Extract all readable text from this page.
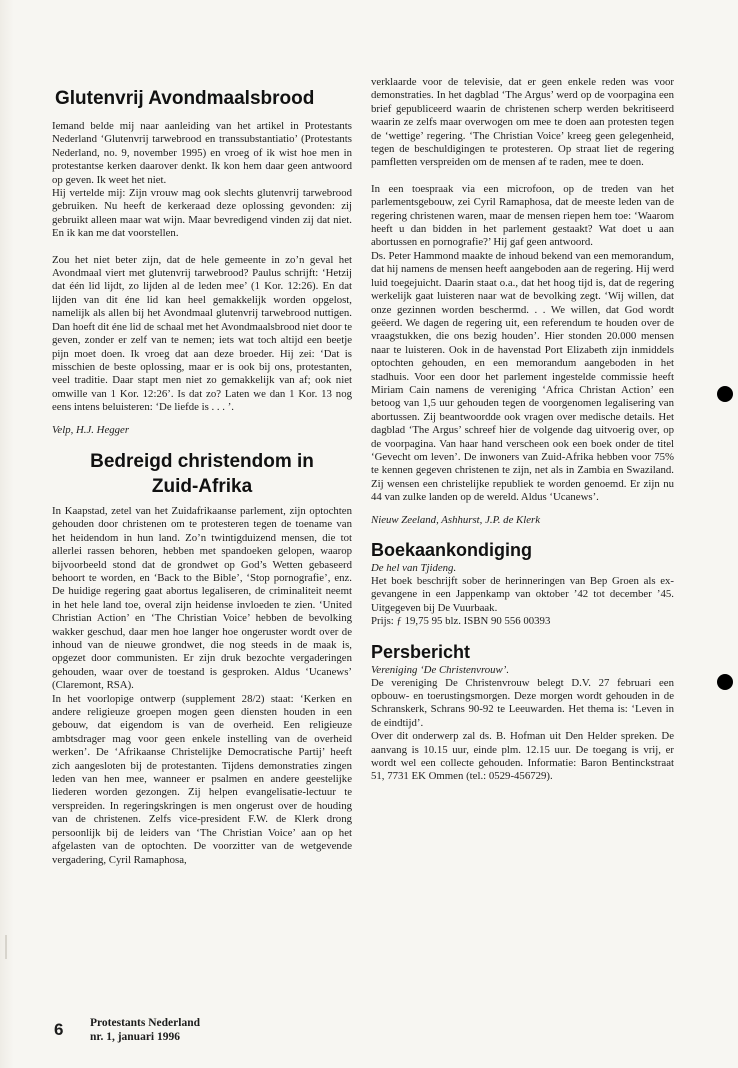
Glutenvrij Avondmaalsbrood

Iemand belde mij naar aanleiding van het artikel in Protestants Nederland ‘Glutenvrij tarwebrood en transsubstantiatio’ (Protestants Nederland, no. 9, november 1995) en vroeg of ik wist hoe men in protestantse kerken daarover denkt. Ik kon hem daar geen antwoord op geven. Ik weet het niet.

Hij vertelde mij: Zijn vrouw mag ook slechts glutenvrij tarwebrood gebruiken. Nu heeft de kerkeraad deze oplossing gevonden: zij gebruikt alleen maar wat wijn. Maar bevredigend vinden zij dat niet. En ik kan me dat voorstellen.

Zou het niet beter zijn, dat de hele gemeente in zo’n geval het Avondmaal viert met glutenvrij tarwebrood? Paulus schrijft: ‘Hetzij dat één lid lijdt, zo lijden al de leden mee’ (1 Kor. 12:26). En dat lijden van dit éne lid kan heel gemakkelijk worden opgelost, namelijk als allen bij het Avondmaal glutenvrij tarwebrood nuttigen. Dan hoeft dit éne lid de schaal met het Avondmaalsbrood niet door te geven, zonder er zelf van te nemen; iets wat toch altijd een beetje pijn moet doen. Ik vroeg dat aan deze broeder. Hij zei: ‘Dat is misschien de beste oplossing, maar er is ook bij ons, protestanten, veel traditie. Daar stapt men niet zo gemakkelijk van af; ook niet omwille van 1 Kor. 12:26’. Is dat zo? Laten we dan 1 Kor. 13 nog eens intens beluisteren: ‘De liefde is . . . ’.

Velp, H.J. Hegger
Bedreigd christendom in
Zuid-Afrika

In Kaapstad, zetel van het Zuidafrikaanse parlement, zijn optochten gehouden door christenen om te protesteren tegen de toename van het heidendom in hun land. Zo’n twintigduizend mensen, die tot allerlei rassen behoren, hebben met spandoeken gelopen, waarop bijvoorbeeld stond dat de grondwet op God’s Wetten gebaseerd behoort te worden, en ‘Back to the Bible’, ‘Stop pornografie’, enz. De huidige regering gaat abortus legaliseren, de criminaliteit neemt in het hele land toe, overal zijn heidense invloeden te zien. ‘United Christian Action’ en ‘The Christian Voice’ hebben de bevolking wakker geschud, daar men hoe langer hoe ongeruster wordt over de inhoud van de nieuwe grondwet, die nog steeds in de maak is, opgezet door communisten. Er zijn druk bezochte vergaderingen gehouden, waar over de toestand is gesproken. Aldus ‘Ucanews’ (Claremont, RSA).

In het voorlopige ontwerp (supplement 28/2) staat: ‘Kerken en andere religieuze groepen mogen geen diensten houden in een gebouw, dat eigendom is van de overheid. Een religieuze ambtsdrager mag voor geen enkele instelling van de overheid werken’. De ‘Afrikaanse Christelijke Democratische Partij’ heeft zich aangesloten bij de protestanten. Tijdens demonstraties zingen leden van hen mee, wanneer er psalmen en andere geestelijke liederen worden gezongen. Zij helpen evangelisatie-lectuur te verspreiden. In regeringskringen is men ongerust over de houding van de christenen. Zelfs vice-president F.W. de Klerk drong persoonlijk bij de leiders van ‘The Christian Voice’ aan op het afgelasten van de optochten. De voorzitter van de wetgevende vergadering, Cyril Ramaphosa,

verklaarde voor de televisie, dat er geen enkele reden was voor demonstraties. In het dagblad ‘The Argus’ werd op de voorpagina een brief gepubliceerd waarin de christenen scherp werden bekritiseerd waarin ze zelfs maar overwogen om mee te doen aan protesten tegen de ‘wettige’ regering. ‘The Christian Voice’ kreeg geen gelegenheid, tegen de beschuldigingen te protesteren. Op straat liet de regering pamfletten verspreiden om de mensen af te raden, mee te doen.

In een toespraak via een microfoon, op de treden van het parlementsgebouw, zei Cyril Ramaphosa, dat de meeste leden van de regering christenen waren, maar de mensen riepen hem toe: ‘Waarom heeft u dan bidden in het parlement gestaakt? Wat doet u aan abortussen en pornografie?’ Hij gaf geen antwoord.

Ds. Peter Hammond maakte de inhoud bekend van een memorandum, dat hij namens de mensen heeft aangeboden aan de regering. Hij werd luid toegejuicht. Daarin staat o.a., dat het hoog tijd is, dat de regering werkelijk gaat luisteren naar wat de bevolking zegt. ‘Wij willen, dat onze gezinnen worden beschermd. . . We willen, dat God wordt geëerd. We dagen de regering uit, een referendum te houden over de vraagstukken, die ons bezig houden’. Hier stonden 20.000 mensen naar te luisteren. Ook in de havenstad Port Elizabeth zijn inmiddels optochten gehouden, en een memorandum aangeboden in het stadhuis. Voor een door het parlement ingestelde commissie heeft Miriam Cain namens de vereniging ‘Africa Christan Action’ een betoog van 1,5 uur gehouden tegen de voorgenomen legalisering van abortussen. Zij beantwoordde ook vragen over medische details. Het dagblad ‘The Argus’ schreef hier de volgende dag uitvoerig over, op de voorpagina. Van haar hand verscheen ook een boek onder de titel ‘Gevecht om leven’. De inwoners van Zuid-Afrika hebben voor 75% te kennen gegeven christenen te zijn, net als in Zambia en Swaziland. Zij wensen een christelijke republiek te worden genoemd. Er zijn nu 44 van zulke landen op de wereld. Aldus ‘Ucanews’.

Nieuw Zeeland, Ashhurst, J.P. de Klerk
Boekaankondiging
De hel van Tjideng.

Het boek beschrijft sober de herinneringen van Bep Groen als ex-gevangene in een Jappenkamp van oktober ’42 tot december ’45. Uitgegeven bij De Vuurbaak.

Prijs: ƒ 19,75 95 blz. ISBN 90 556 00393

Persbericht
Vereniging ‘De Christenvrouw’.

De vereniging De Christenvrouw belegt D.V. 27 februari een opbouw- en toerustingsmorgen. Deze morgen wordt gehouden in de Schranskerk, Schrans 90-92 te Leeuwarden. Het thema is: ‘Leven in de eindtijd’.

Over dit onderwerp zal ds. B. Hofman uit Den Helder spreken. De aanvang is 10.15 uur, einde plm. 12.15 uur. De toegang is vrij, er wordt wel een collecte gehouden. Informatie: Baron Bentinckstraat 51, 7731 EK Ommen (tel.: 0529-456729).

6 Protestants Nederland
nr. 1, januari 1996
